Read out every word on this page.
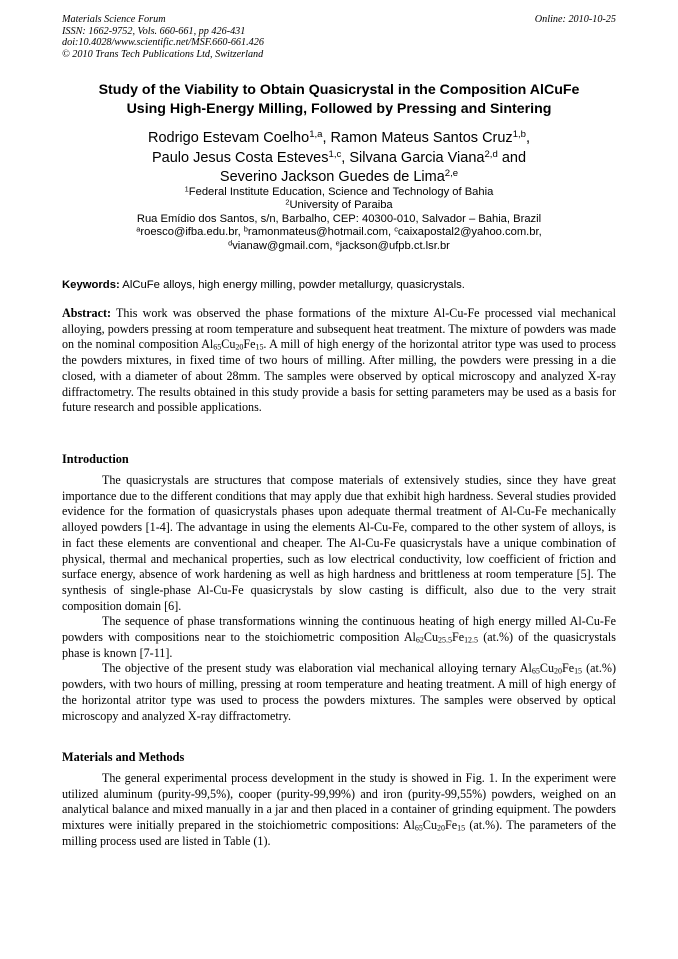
Materials Science Forum	Online: 2010-10-25
ISSN: 1662-9752, Vols. 660-661, pp 426-431
doi:10.4028/www.scientific.net/MSF.660-661.426
© 2010 Trans Tech Publications Ltd, Switzerland
Study of the Viability to Obtain Quasicrystal in the Composition AlCuFe
Using High-Energy Milling, Followed by Pressing and Sintering
Rodrigo Estevam Coelho$^{1,a}$, Ramon Mateus Santos Cruz$^{1,b}$,
Paulo Jesus Costa Esteves$^{1,c}$, Silvana Garcia Viana$^{2,d}$ and
Severino Jackson Guedes de Lima$^{2,e}$
$^1$Federal Institute Education, Science and Technology of Bahia
$^2$University of Paraiba
Rua Emídio dos Santos, s/n, Barbalho, CEP: 40300-010, Salvador – Bahia, Brazil
$^a$roesco@ifba.edu.br, $^b$ramonmateus@hotmail.com, $^c$caixapostal2@yahoo.com.br,
$^d$vianaw@gmail.com, $^e$jackson@ufpb.ct.lsr.br
Keywords: AlCuFe alloys, high energy milling, powder metallurgy, quasicrystals.
Abstract: This work was observed the phase formations of the mixture Al-Cu-Fe processed vial mechanical alloying, powders pressing at room temperature and subsequent heat treatment. The mixture of powders was made on the nominal composition $Al_{65}Cu_{20}Fe_{15}$. A mill of high energy of the horizontal atritor type was used to process the powders mixtures, in fixed time of two hours of milling. After milling, the powders were pressing in a die closed, with a diameter of about 28mm. The samples were observed by optical microscopy and analyzed X-ray diffractometry. The results obtained in this study provide a basis for setting parameters may be used as a basis for future research and possible applications.
Introduction

The quasicrystals are structures that compose materials of extensively studies, since they have great importance due to the different conditions that may apply due that exhibit high hardness. Several studies provided evidence for the formation of quasicrystals phases upon adequate thermal treatment of Al-Cu-Fe mechanically alloyed powders [1-4]. The advantage in using the elements Al-Cu-Fe, compared to the other system of alloys, is in fact these elements are conventional and cheaper. The Al-Cu-Fe quasicrystals have a unique combination of physical, thermal and mechanical properties, such as low electrical conductivity, low coefficient of friction and surface energy, absence of work hardening as well as high hardness and brittleness at room temperature [5]. The synthesis of single-phase Al-Cu-Fe quasicrystals by slow casting is difficult, also due to the very strait composition domain [6].

The sequence of phase transformations winning the continuous heating of high energy milled Al-Cu-Fe powders with compositions near to the stoichiometric composition $Al_{62}Cu_{25.5}Fe_{12.5}$ (at.%) of the quasicrystals phase is known [7-11].

The objective of the present study was elaboration vial mechanical alloying ternary $Al_{65}Cu_{20}Fe_{15}$ (at.%) powders, with two hours of milling, pressing at room temperature and heating treatment. A mill of high energy of the horizontal atritor type was used to process the powders mixtures. The samples were observed by optical microscopy and analyzed X-ray diffractometry.

Materials and Methods

The general experimental process development in the study is showed in Fig. 1. In the experiment were utilized aluminum (purity-99,5%), cooper (purity-99,99%) and iron (purity-99,55%) powders, weighed on an analytical balance and mixed manually in a jar and then placed in a container of grinding equipment. The powders mixtures were initially prepared in the stoichiometric compositions: $Al_{65}Cu_{20}Fe_{15}$ (at.%). The parameters of the milling process used are listed in Table (1).
